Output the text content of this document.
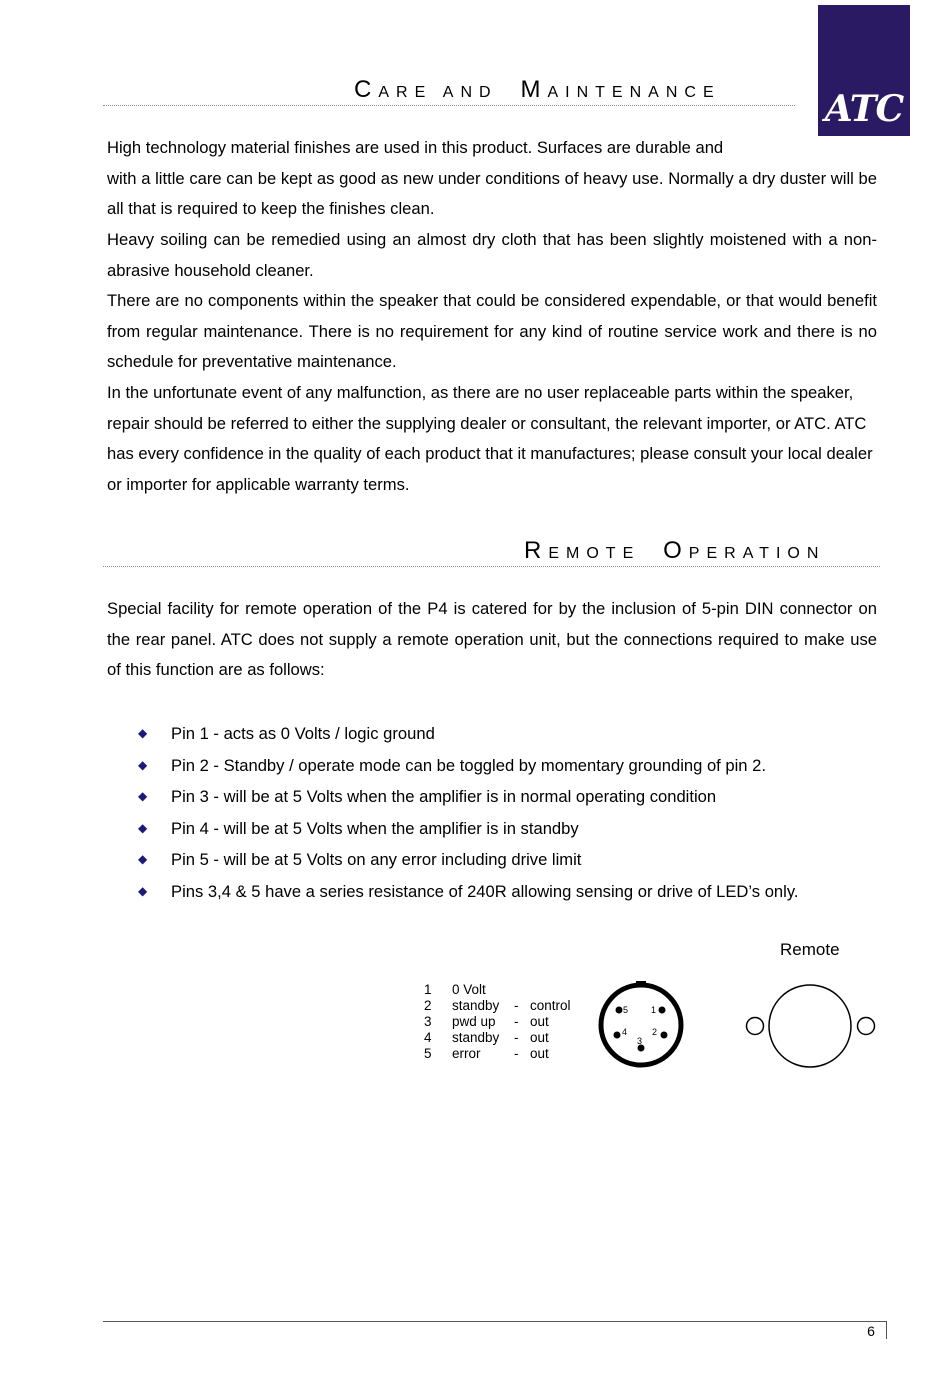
ATC
CARE AND MAINTENANCE

High technology material finishes are used in this product. Surfaces are durable and

with a little care can be kept as good as new under conditions of heavy use. Normally a dry duster will be all that is required to keep the finishes clean.

Heavy soiling can be remedied using an almost dry cloth that has been slightly moistened with a non-abrasive household cleaner.

There are no components within the speaker that could be considered expendable, or that would benefit from regular maintenance. There is no requirement for any kind of routine service work and there is no schedule for preventative maintenance.

In the unfortunate event of any malfunction, as there are no user replaceable parts within the speaker, repair should be referred to either the supplying dealer or consultant, the relevant importer, or ATC. ATC has every confidence in the quality of each product that it manufactures; please consult your local dealer or importer for applicable warranty terms.

REMOTE OPERATION

Special facility for remote operation of the P4 is catered for by the inclusion of 5-pin DIN connector on the rear panel. ATC does not supply a remote operation unit, but the connections required to make use of this function are as follows:

◆ Pin 1 - acts as 0 Volts / logic ground
◆ Pin 2 - Standby / operate mode can be toggled by momentary grounding of pin 2.
◆ Pin 3 - will be at 5 Volts when the amplifier is in normal operating condition
◆ Pin 4 - will be at 5 Volts when the amplifier is in standby
◆ Pin 5 - will be at 5 Volts on any error including drive limit
◆ Pins 3,4 & 5 have a series resistance of 240R allowing sensing or drive of LED’s only.
1 0 Volt
2 standby - control
3 pwd up - out
4 standby - out
5 error - out
5	1
4	2
3
Remote
6
